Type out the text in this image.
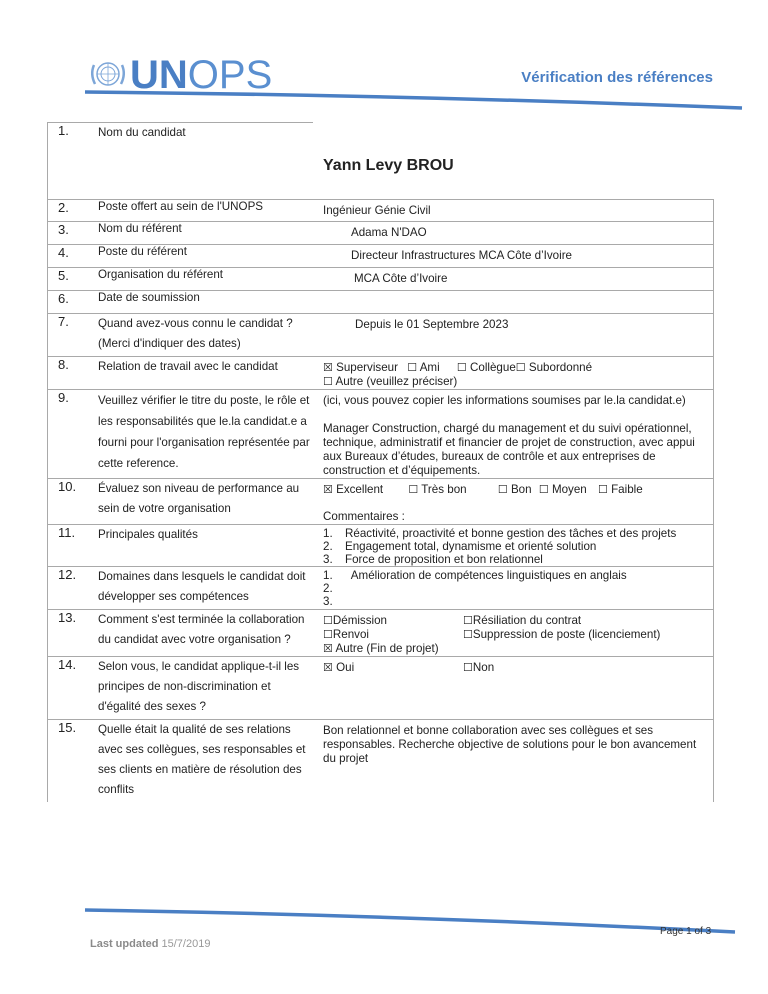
UNOPS	Vérification des références
1.	Nom du candidat	Yann Levy BROU

2.	Poste offert au sein de l'UNOPS	Ingénieur Génie Civil

3.	Nom du référent	Adama N'DAO

4.	Poste du référent	Directeur Infrastructures MCA Côte d’Ivoire

5.	Organisation du référent	MCA Côte d’Ivoire

6.	Date de soumission	

7.	Quand avez-vous connu le candidat ? (Merci d'indiquer des dates)	Depuis le 01 Septembre 2023

8.	Relation de travail avec le candidat	☒ Superviseur ☐ Ami ☐ Collègue☐ Subordonné
☐ Autre (veuillez préciser)

9.	Veuillez vérifier le titre du poste, le rôle et les responsabilités que le.la candidat.e a fourni pour l'organisation représentée par cette reference.	(ici, vous pouvez copier les informations soumises par le.la candidat.e)
Manager Construction, chargé du management et du suivi opérationnel, technique, administratif et financier de projet de construction, avec appui aux Bureaux d’études, bureaux de contrôle et aux entreprises de construction et d’équipements.

10.	Évaluez son niveau de performance au sein de votre organisation	☒ Excellent ☐ Très bon ☐ Bon ☐ Moyen ☐ Faible
Commentaires :

11.	Principales qualités	1.	Réactivité, proactivité et bonne gestion des tâches et des projets
2.	Engagement total, dynamisme et orienté solution
3.	Force de proposition et bon relationnel

12.	Domaines dans lesquels le candidat doit développer ses compétences	
1.	Amélioration de compétences linguistiques en anglais
2.
3.

13.	Comment s'est terminée la collaboration du candidat avec votre organisation ?	☐Démission ☐Résiliation du contrat
☐Renvoi ☐Suppression de poste (licenciement)
☒ Autre (Fin de projet)

14.	Selon vous, le candidat applique-t-il les principes de non-discrimination et d'égalité des sexes ?	☒ Oui ☐Non

15.	Quelle était la qualité de ses relations avec ses collègues, ses responsables et ses clients en matière de résolution des conflits	Bon relationnel et bonne collaboration avec ses collègues et ses responsables. Recherche objective de solutions pour le bon avancement du projet
Last updated 15/7/2019
Page 1 of 3
